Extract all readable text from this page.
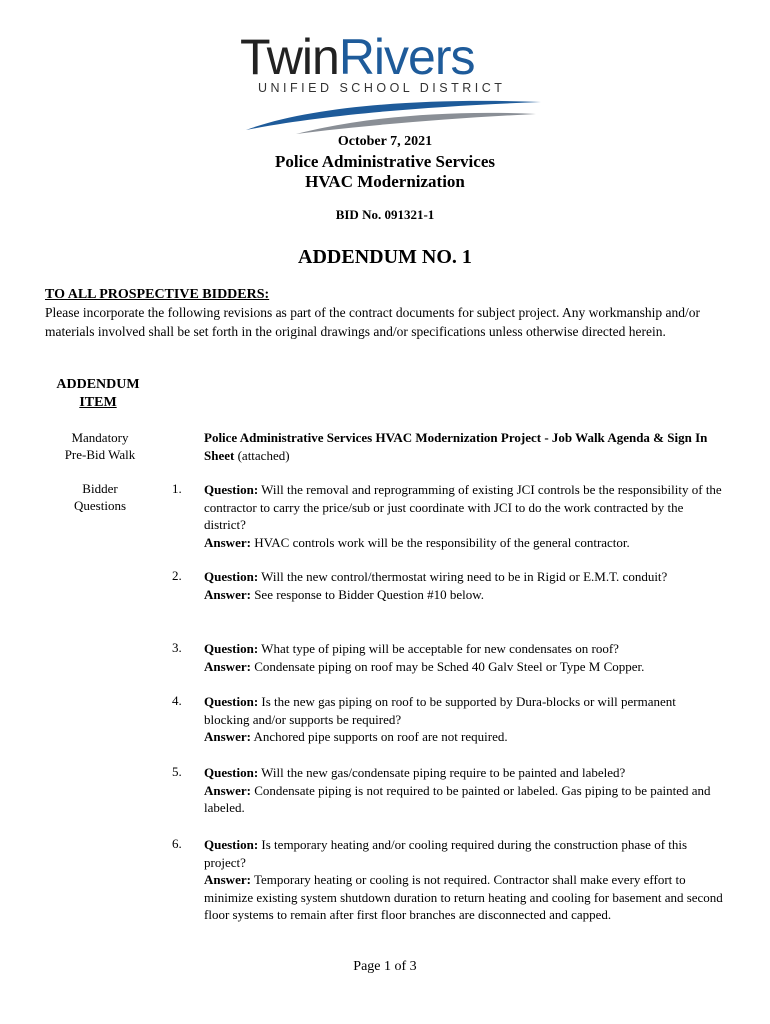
TwinRivers
UNIFIED SCHOOL DISTRICT
October 7, 2021
Police Administrative Services
HVAC Modernization
BID No. 091321-1
ADDENDUM NO. 1
TO ALL PROSPECTIVE BIDDERS:
Please incorporate the following revisions as part of the contract documents for subject project. Any workmanship and/or materials involved shall be set forth in the original drawings and/or specifications unless otherwise directed herein.
ADDENDUM
ITEM
Mandatory
Pre-Bid Walk
Bidder
Questions
Police Administrative Services HVAC Modernization Project - Job Walk Agenda & Sign In Sheet (attached)
1. Question: Will the removal and reprogramming of existing JCI controls be the responsibility of the contractor to carry the price/sub or just coordinate with JCI to do the work contracted by the district?
Answer: HVAC controls work will be the responsibility of the general contractor.
2. Question: Will the new control/thermostat wiring need to be in Rigid or E.M.T. conduit?
Answer: See response to Bidder Question #10 below.
3. Question: What type of piping will be acceptable for new condensates on roof?
Answer: Condensate piping on roof may be Sched 40 Galv Steel or Type M Copper.
4. Question: Is the new gas piping on roof to be supported by Dura-blocks or will permanent blocking and/or supports be required?
Answer: Anchored pipe supports on roof are not required.
5. Question: Will the new gas/condensate piping require to be painted and labeled?
Answer: Condensate piping is not required to be painted or labeled. Gas piping to be painted and labeled.
6. Question: Is temporary heating and/or cooling required during the construction phase of this project?
Answer: Temporary heating or cooling is not required. Contractor shall make every effort to minimize existing system shutdown duration to return heating and cooling for basement and second floor systems to remain after first floor branches are disconnected and capped.
Page 1 of 3
